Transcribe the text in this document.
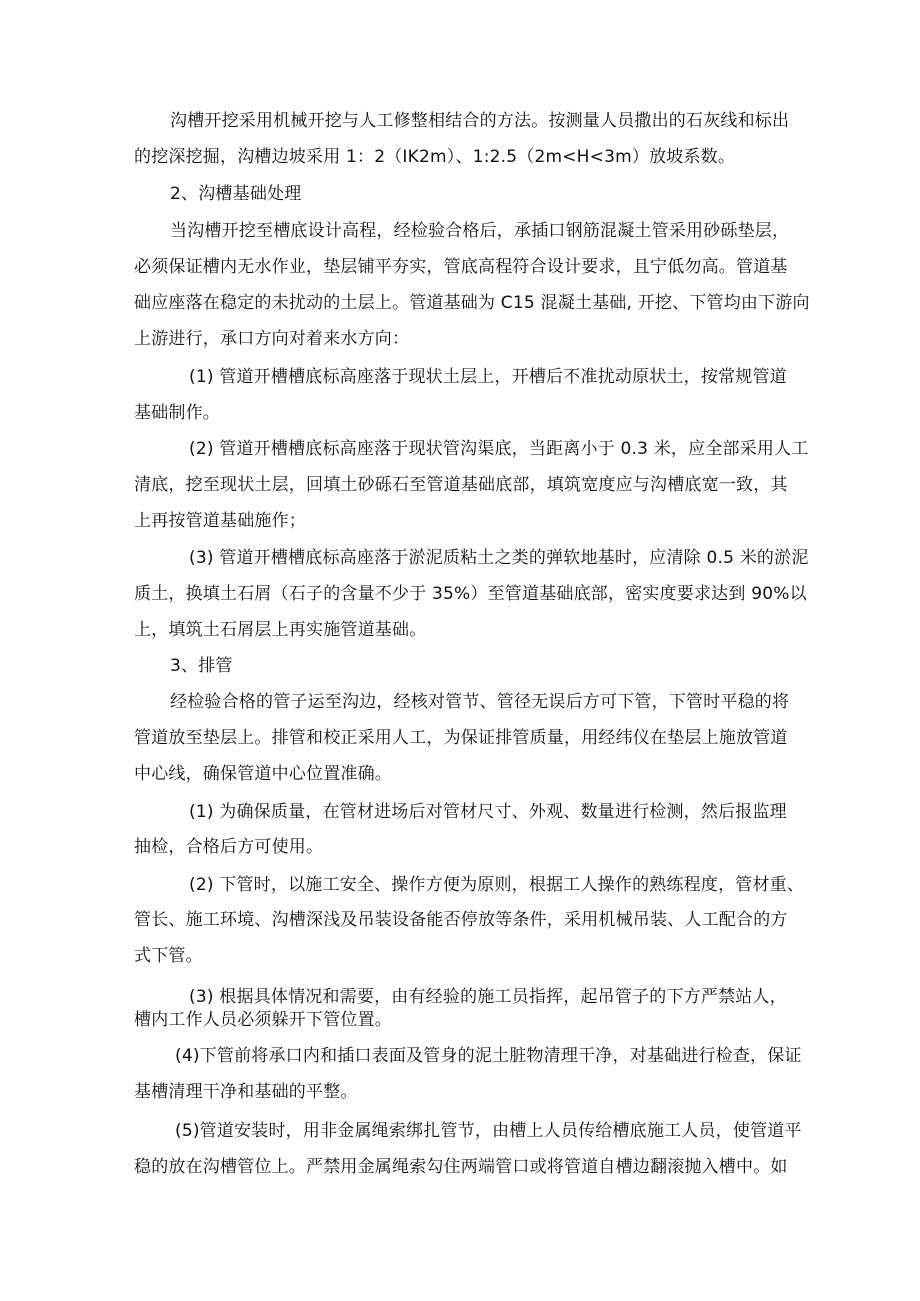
沟槽开挖采用机械开挖与人工修整相结合的方法。按测量人员撒出的石灰线和标出
的挖深挖掘，沟槽边坡采用 1：2（IK2m）、1:2.5（2m<H<3m）放坡系数。
2、沟槽基础处理
当沟槽开挖至槽底设计高程，经检验合格后，承插口钢筋混凝土管采用砂砾垫层，
必须保证槽内无水作业，垫层铺平夯实，管底高程符合设计要求，且宁低勿高。管道基
础应座落在稳定的未扰动的土层上。管道基础为 C15 混凝土基础, 开挖、下管均由下游向
上游进行，承口方向对着来水方向：
(1) 管道开槽槽底标高座落于现状土层上，开槽后不准扰动原状土，按常规管道
基础制作。
(2) 管道开槽槽底标高座落于现状管沟渠底，当距离小于 0.3 米，应全部采用人工
清底，挖至现状土层，回填土砂砾石至管道基础底部，填筑宽度应与沟槽底宽一致，其
上再按管道基础施作；
(3) 管道开槽槽底标高座落于淤泥质粘土之类的弹软地基时，应清除 0.5 米的淤泥
质土，换填土石屑（石子的含量不少于 35%）至管道基础底部，密实度要求达到 90%以
上，填筑土石屑层上再实施管道基础。
3、排管
经检验合格的管子运至沟边，经核对管节、管径无误后方可下管，下管时平稳的将
管道放至垫层上。排管和校正采用人工，为保证排管质量，用经纬仪在垫层上施放管道
中心线，确保管道中心位置准确。
(1) 为确保质量，在管材进场后对管材尺寸、外观、数量进行检测，然后报监理
抽检，合格后方可使用。
(2) 下管时，以施工安全、操作方便为原则，根据工人操作的熟练程度，管材重、
管长、施工环境、沟槽深浅及吊装设备能否停放等条件，采用机械吊装、人工配合的方
式下管。
(3) 根据具体情况和需要，由有经验的施工员指挥，起吊管子的下方严禁站人，
槽内工作人员必须躲开下管位置。
(4)下管前将承口内和插口表面及管身的泥土脏物清理干净，对基础进行检查，保证
基槽清理干净和基础的平整。
(5)管道安装时，用非金属绳索绑扎管节，由槽上人员传给槽底施工人员，使管道平
稳的放在沟槽管位上。严禁用金属绳索勾住两端管口或将管道自槽边翻滚抛入槽中。如
